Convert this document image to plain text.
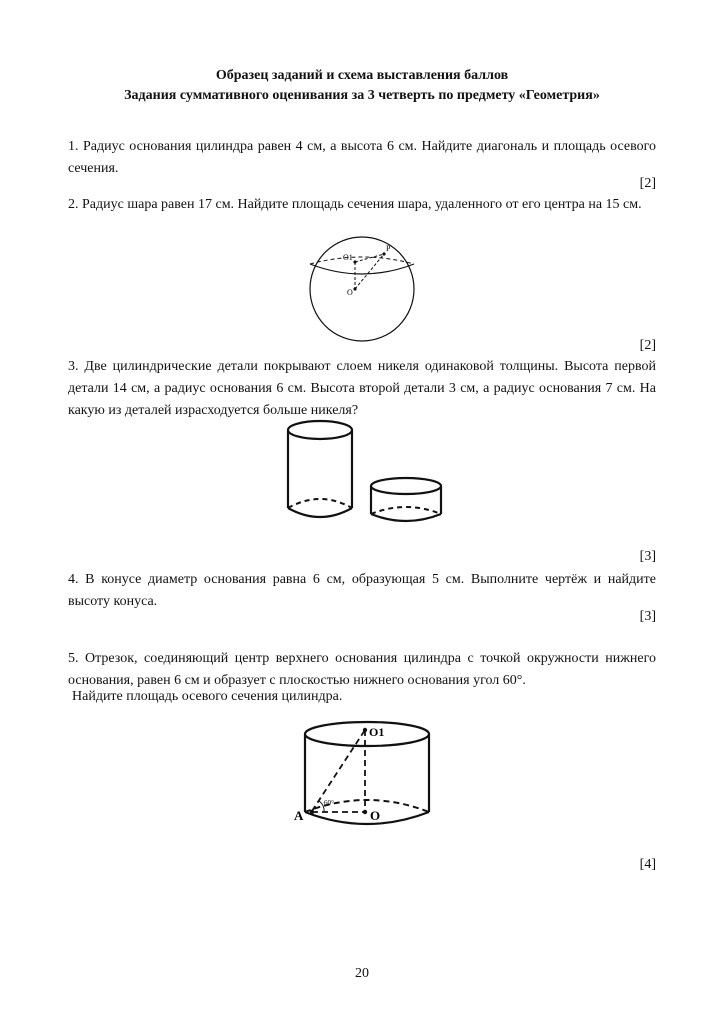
Образец заданий и схема выставления баллов
Задания суммативного оценивания за 3 четверть по предмету «Геометрия»
1. Радиус основания цилиндра равен 4 см, а высота 6 см. Найдите диагональ и площадь осевого сечения.
[2]
2. Радиус шара равен 17 см. Найдите площадь сечения шара, удаленного от его центра на 15 см.
O1
P
O
[2]
3. Две цилиндрические детали покрывают слоем никеля одинаковой толщины. Высота первой детали 14 см, а радиус основания 6 см. Высота второй детали 3 см, а радиус основания 7 см. На какую из деталей израсходуется больше никеля?
[3]
4. В конусе диаметр основания равна 6 см, образующая 5 см. Выполните чертёж и найдите высоту конуса.
[3]
5. Отрезок, соединяющий центр верхнего основания цилиндра с точкой окружности нижнего основания, равен 6 см и образует с плоскостью нижнего основания угол 60°.
Найдите площадь осевого сечения цилиндра.
O1
O
A
60°
[4]
20
